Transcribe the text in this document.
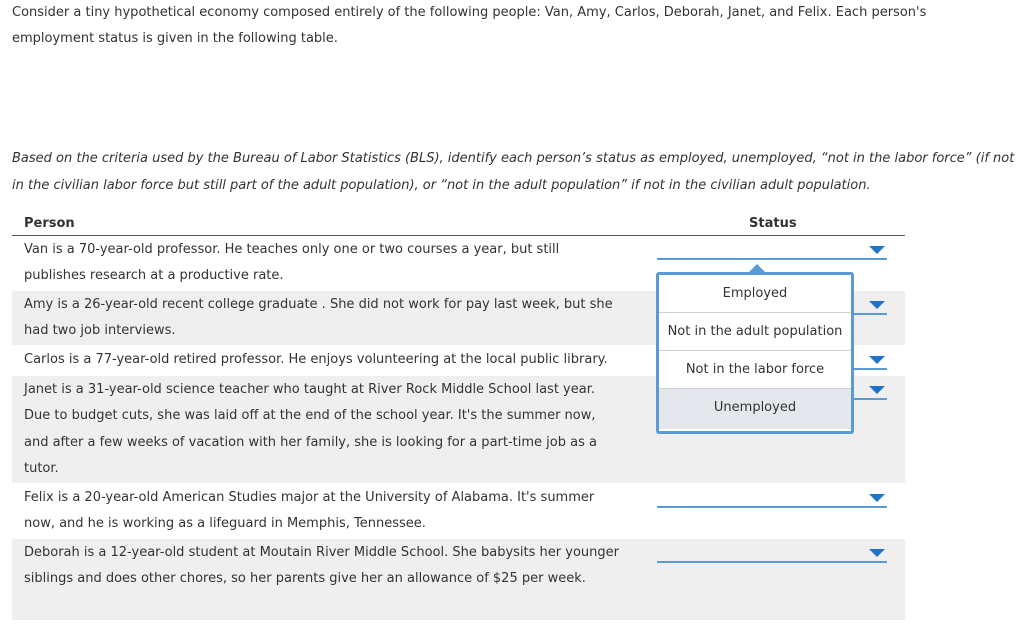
Consider a tiny hypothetical economy composed entirely of the following people: Van, Amy, Carlos, Deborah, Janet, and Felix. Each person's employment status is given in the following table.

Based on the criteria used by the Bureau of Labor Statistics (BLS), identify each person’s status as employed, unemployed, “not in the labor force” (if not in the civilian labor force but still part of the adult population), or “not in the adult population” if not in the civilian adult population.

Person	Status

Van is a 70-year-old professor. He teaches only one or two courses a year, but still publishes research at a productive rate.

Amy is a 26-year-old recent college graduate . She did not work for pay last week, but she had two job interviews.

Carlos is a 77-year-old retired professor. He enjoys volunteering at the local public library.

Janet is a 31-year-old science teacher who taught at River Rock Middle School last year. Due to budget cuts, she was laid off at the end of the school year. It's the summer now, and after a few weeks of vacation with her family, she is looking for a part-time job as a tutor.

Felix is a 20-year-old American Studies major at the University of Alabama. It's summer now, and he is working as a lifeguard in Memphis, Tennessee.

Deborah is a 12-year-old student at Moutain River Middle School. She babysits her younger siblings and does other chores, so her parents give her an allowance of $25 per week.

Employed
Not in the adult population
Not in the labor force
Unemployed
